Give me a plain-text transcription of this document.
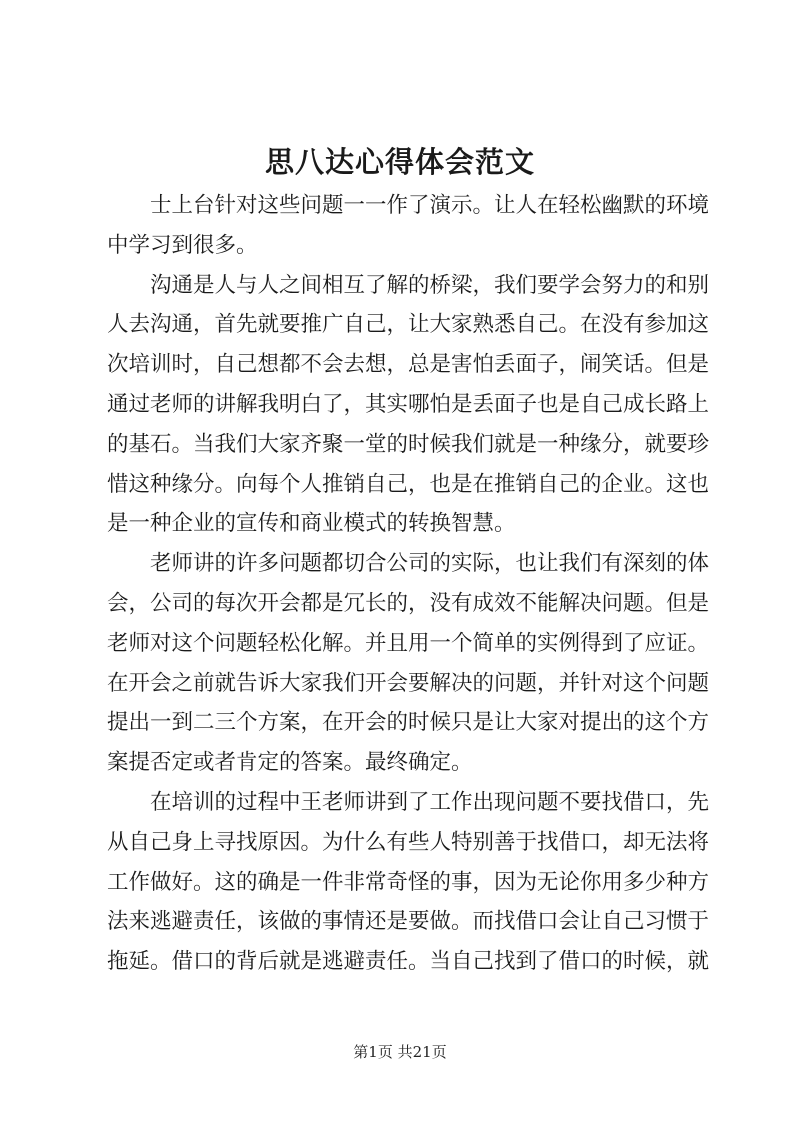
思八达心得体会范文
士上台针对这些问题一一作了演示。让人在轻松幽默的环境
中学习到很多。
沟通是人与人之间相互了解的桥梁，我们要学会努力的和别
人去沟通，首先就要推广自己，让大家熟悉自己。在没有参加这
次培训时，自己想都不会去想，总是害怕丢面子，闹笑话。但是
通过老师的讲解我明白了，其实哪怕是丢面子也是自己成长路上
的基石。当我们大家齐聚一堂的时候我们就是一种缘分，就要珍
惜这种缘分。向每个人推销自己，也是在推销自己的企业。这也
是一种企业的宣传和商业模式的转换智慧。
老师讲的许多问题都切合公司的实际，也让我们有深刻的体
会，公司的每次开会都是冗长的，没有成效不能解决问题。但是
老师对这个问题轻松化解。并且用一个简单的实例得到了应证。
在开会之前就告诉大家我们开会要解决的问题，并针对这个问题
提出一到二三个方案，在开会的时候只是让大家对提出的这个方
案提否定或者肯定的答案。最终确定。
在培训的过程中王老师讲到了工作出现问题不要找借口，先
从自己身上寻找原因。为什么有些人特别善于找借口，却无法将
工作做好。这的确是一件非常奇怪的事，因为无论你用多少种方
法来逃避责任，该做的事情还是要做。而找借口会让自己习惯于
拖延。借口的背后就是逃避责任。当自己找到了借口的时候，就
第1页 共21页
